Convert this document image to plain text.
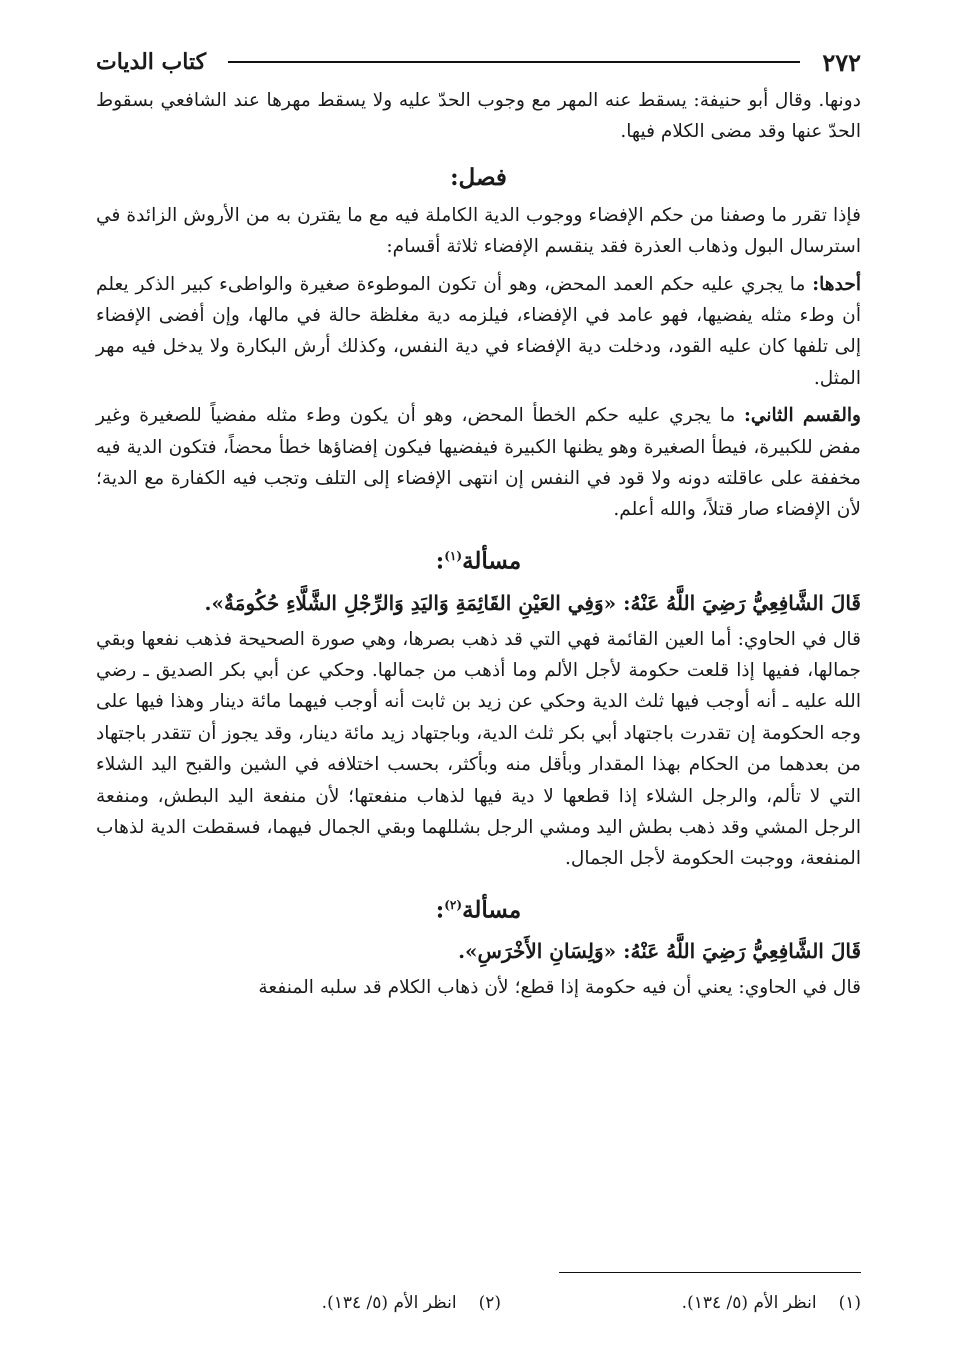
٢٧٢
كتاب الديات

دونها. وقال أبو حنيفة: يسقط عنه المهر مع وجوب الحدّ عليه ولا يسقط مهرها عند الشافعي بسقوط الحدّ عنها وقد مضى الكلام فيها.

فصل:

فإذا تقرر ما وصفنا من حكم الإفضاء ووجوب الدية الكاملة فيه مع ما يقترن به من الأروش الزائدة في استرسال البول وذهاب العذرة فقد ينقسم الإفضاء ثلاثة أقسام:

أحدها: ما يجري عليه حكم العمد المحض، وهو أن تكون الموطوءة صغيرة والواطىء كبير الذكر يعلم أن وطء مثله يفضيها، فهو عامد في الإفضاء، فيلزمه دية مغلظة حالة في مالها، وإن أفضى الإفضاء إلى تلفها كان عليه القود، ودخلت دية الإفضاء في دية النفس، وكذلك أرش البكارة ولا يدخل فيه مهر المثل.

والقسم الثاني: ما يجري عليه حكم الخطأ المحض، وهو أن يكون وطء مثله مفضياً للصغيرة وغير مفض للكبيرة، فيطأ الصغيرة وهو يظنها الكبيرة فيفضيها فيكون إفضاؤها خطأ محضاً، فتكون الدية فيه مخففة على عاقلته دونه ولا قود في النفس إن انتهى الإفضاء إلى التلف وتجب فيه الكفارة مع الدية؛ لأن الإفضاء صار قتلاً، والله أعلم.

مسألة$^{(١)}$:

قَالَ الشَّافِعِيُّ رَضِيَ اللَّهُ عَنْهُ: «وَفِي العَيْنِ القَائِمَةِ وَاليَدِ وَالرِّجْلِ الشَّلَّاءِ حُكُومَةٌ».

قال في الحاوي: أما العين القائمة فهي التي قد ذهب بصرها، وهي صورة الصحيحة فذهب نفعها وبقي جمالها، ففيها إذا قلعت حكومة لأجل الألم وما أذهب من جمالها. وحكي عن أبي بكر الصديق ـ رضي الله عليه ـ أنه أوجب فيها ثلث الدية وحكي عن زيد بن ثابت أنه أوجب فيهما مائة دينار وهذا فيها على وجه الحكومة إن تقدرت باجتهاد أبي بكر ثلث الدية، وباجتهاد زيد مائة دينار، وقد يجوز أن تتقدر باجتهاد من بعدهما من الحكام بهذا المقدار وبأقل منه وبأكثر، بحسب اختلافه في الشين والقبح اليد الشلاء التي لا تألم، والرجل الشلاء إذا قطعها لا دية فيها لذهاب منفعتها؛ لأن منفعة اليد البطش، ومنفعة الرجل المشي وقد ذهب بطش اليد ومشي الرجل بشللهما وبقي الجمال فيهما، فسقطت الدية لذهاب المنفعة، ووجبت الحكومة لأجل الجمال.

مسألة$^{(٢)}$:

قَالَ الشَّافِعِيُّ رَضِيَ اللَّهُ عَنْهُ: «وَلِسَانِ الأَخْرَسِ».

قال في الحاوي: يعني أن فيه حكومة إذا قطع؛ لأن ذهاب الكلام قد سلبه المنفعة

(١)
انظر الأم (٥/ ١٣٤).
(٢)
انظر الأم (٥/ ١٣٤).
